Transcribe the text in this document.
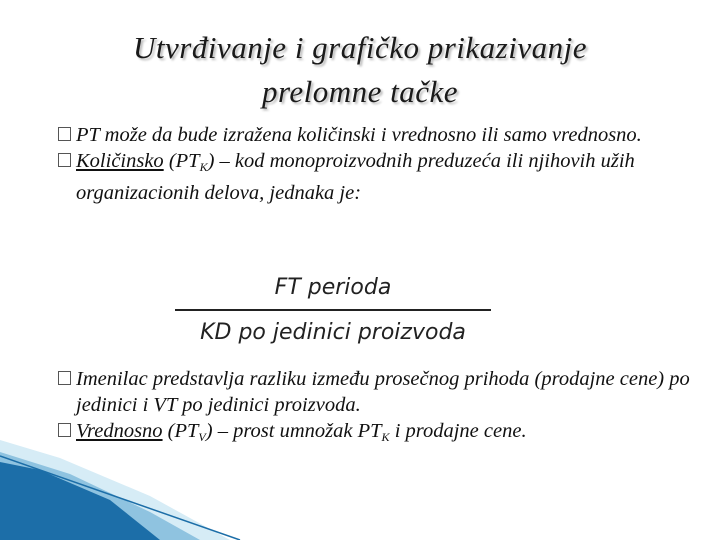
Utvrđivanje i grafičko prikazivanje
prelomne tačke
PT može da bude izražena količinski i vrednosno ili samo vrednosno.
Količinsko $(PT_K)$ – kod monoproizvodnih preduzeća ili njihovih užih organizacionih delova, jednaka je:
FT perioda
KD po jedinici proizvoda
Imenilac predstavlja razliku između prosečnog prihoda (prodajne cene) po jedinici i VT po jedinici proizvoda.
Vrednosno $(PT_V)$ – prost umnožak $PT_K$ i prodajne cene.
